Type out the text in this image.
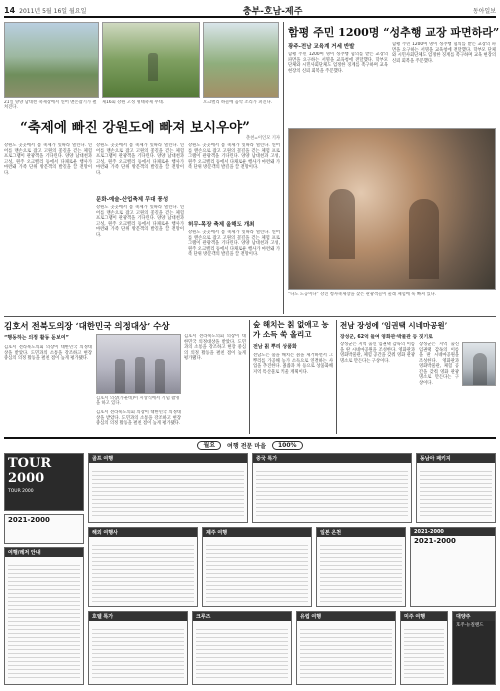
14 2011년 5월 16일 월요일	충부-호남-제주	동아일보
21일 양양 남대천 축제장에서 연어 맨손잡기가 펼쳐진다.
제16회 강원 고성 명태축제 무대.	오크밸리 하늘에 음악 소리가 퍼진다.
“축제에 빠진 강원도에 빠져 보시우야”
춘천=이인모 기자
강원도 곳곳에서 봄 축제가 잇따라 열린다. 연어를 맨손으로 잡고 고원의 꽃길을 걷는 체험 프로그램이 관광객을 기다린다. 양양 남대천과 고성, 원주 오크밸리 등에서 다채로운 행사가 마련돼 가족 단위 방문객의 발길을 끌 전망이다.
강원도 곳곳에서 봄 축제가 잇따라 열린다. 연어를 맨손으로 잡고 고원의 꽃길을 걷는 체험 프로그램이 관광객을 기다린다. 양양 남대천과 고성, 원주 오크밸리 등에서 다채로운 행사가 마련돼 가족 단위 방문객의 발길을 끌 전망이다.
문화-예술-산업축제 무대 풍성
강원도 곳곳에서 봄 축제가 잇따라 열린다. 연어를 맨손으로 잡고 고원의 꽃길을 걷는 체험 프로그램이 관광객을 기다린다. 양양 남대천과 고성, 원주 오크밸리 등에서 다채로운 행사가 마련돼 가족 단위 방문객의 발길을 끌 전망이다.
강원도 곳곳에서 봄 축제가 잇따라 열린다. 연어를 맨손으로 잡고 고원의 꽃길을 걷는 체험 프로그램이 관광객을 기다린다. 양양 남대천과 고성, 원주 오크밸리 등에서 다채로운 행사가 마련돼 가족 단위 방문객의 발길을 끌 전망이다.
허무-목장 축제 올해도 개최
강원도 곳곳에서 봄 축제가 잇따라 열린다. 연어를 맨손으로 잡고 고원의 꽃길을 걷는 체험 프로그램이 관광객을 기다린다. 양양 남대천과 고성, 원주 오크밸리 등에서 다채로운 행사가 마련돼 가족 단위 방문객의 발길을 끌 전망이다.
함평 주민 1200명 “성추행 교장 파면하라”
광주-전남 교육계 거세 반발
함평 주민 1200여 명이 성추행 혐의를 받는 교장의 파면을 요구하는 서명을 교육청에 전달했다. 학부모 단체와 시민사회단체도 엄정한 징계를 촉구하며 교육 현장의 신뢰 회복을 주문했다.
함평 주민 1200여 명이 성추행 혐의를 받는 교장의 파면을 요구하는 서명을 교육청에 전달했다. 학부모 단체와 시민사회단체도 엄정한 징계를 촉구하며 교육 현장의 신뢰 회복을 주문했다.
“나도 도공이다” 강진 청자축제장을 찾은 관광객들이 물레 체험에 푹 빠져 있다.
김호서 전북도의장 ‘대한민국 의정대상’ 수상
“행동하는 의정 활동 돋보여”
김호서 전라북도의회 의장이 대한민국 의정대상을 받았다. 도민과의 소통을 강조하고 현장 중심의 의정 활동을 펼친 점이 높게 평가됐다.
김호서 의장(가운데)이 시상식에서 기념 촬영을 하고 있다.
김호서 전라북도의회 의장이 대한민국 의정대상을 받았다. 도민과의 소통을 강조하고 현장 중심의 의정 활동을 펼친 점이 높게 평가됐다.
김호서 전라북도의회 의장이 대한민국 의정대상을 받았다. 도민과의 소통을 강조하고 현장 중심의 의정 활동을 펼친 점이 높게 평가됐다.
숲 해치는 칡 없애고 농가 소득 쑥 올리고
전남 칡 뿌리 상품화
전남도는 숲을 해치는 칡을 제거하면서 그 뿌리를 가공해 농가 소득으로 연결하는 사업을 추진한다. 칡즙과 차 등으로 상품화해 지역 특산물로 키울 계획이다.
전남 장성에 ‘임권택 시네마공원’
장성군, 62억 들여 영화관·박물관 등 짓기로
장성군은 지역 출신 임권택 감독의 이름을 딴 시네마공원을 조성한다. 영화관과 영화박물관, 체험 공간을 갖춰 영화 관광 명소로 만든다는 구상이다.
장성군은 지역 출신 임권택 감독의 이름을 딴 시네마공원을 조성한다. 영화관과 영화박물관, 체험 공간을 갖춰 영화 관광 명소로 만든다는 구상이다.
월요	여행 전문 마을	100%
TOUR 2000
TOUR 2000
2021-2000
여행/레저 안내
골프 여행	중국 특가	동남아 패키지
해외 여행사	제주 여행	일본 온천	2021-2000
2021-2000
호텔 특가	크루즈	유럽 여행	미주 여행	대양주
호주·뉴질랜드
